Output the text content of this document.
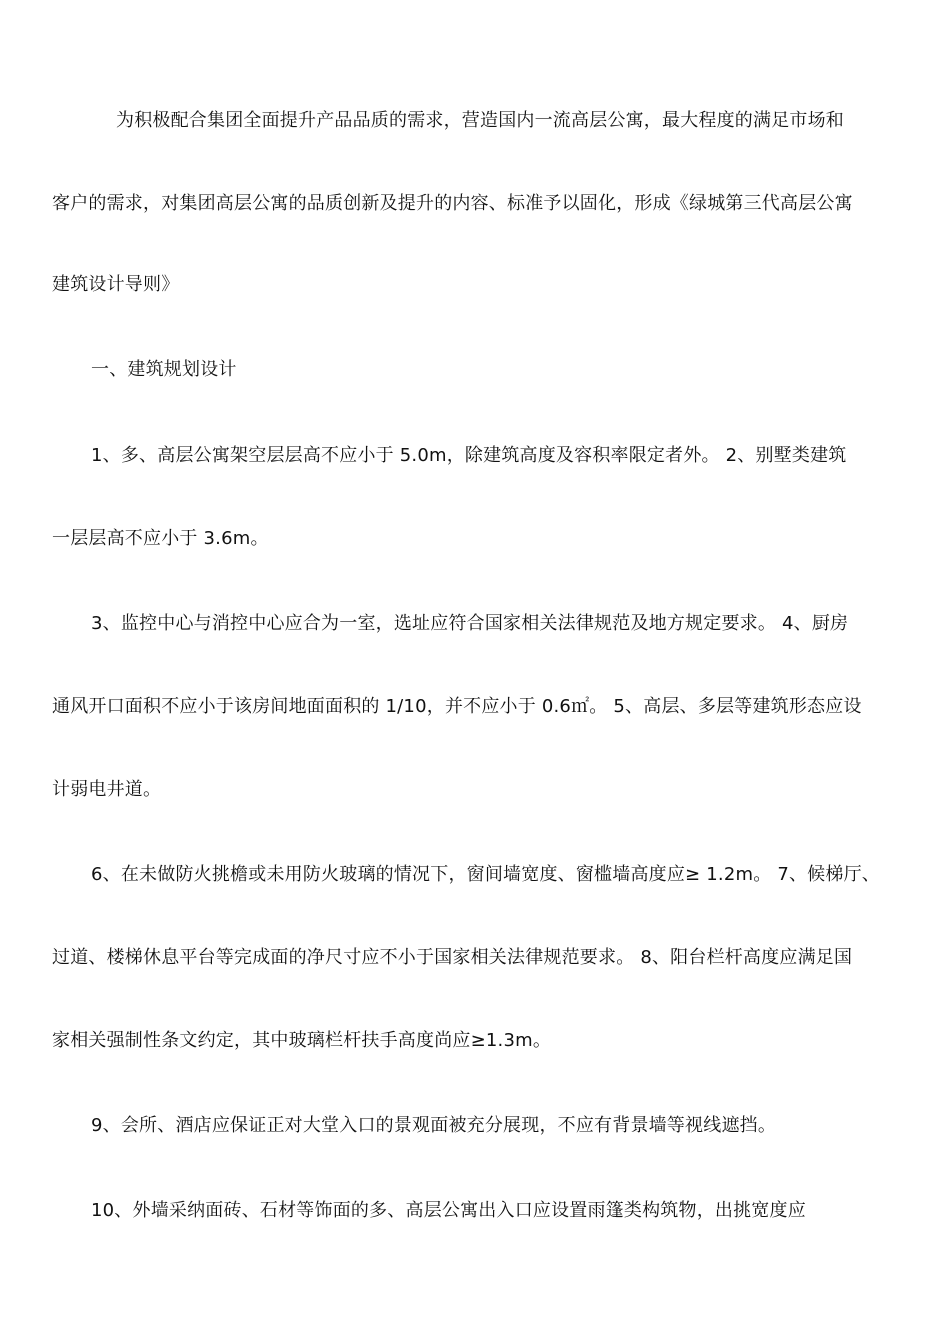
为积极配合集团全面提升产品品质的需求，营造国内一流高层公寓，最大程度的满足市场和
客户的需求，对集团高层公寓的品质创新及提升的内容、标准予以固化，形成《绿城第三代高层公寓
建筑设计导则》
一、建筑规划设计
1、多、高层公寓架空层层高不应小于 5.0m，除建筑高度及容积率限定者外。 2、别墅类建筑
一层层高不应小于 3.6m。
3、监控中心与消控中心应合为一室，选址应符合国家相关法律规范及地方规定要求。 4、厨房
通风开口面积不应小于该房间地面面积的 1/10，并不应小于 0.6㎡。 5、高层、多层等建筑形态应设
计弱电井道。
6、在未做防火挑檐或未用防火玻璃的情况下，窗间墙宽度、窗槛墙高度应≥ 1.2m。 7、候梯厅、
过道、楼梯休息平台等完成面的净尺寸应不小于国家相关法律规范要求。 8、阳台栏杆高度应满足国
家相关强制性条文约定，其中玻璃栏杆扶手高度尚应≥1.3m。
9、会所、酒店应保证正对大堂入口的景观面被充分展现，不应有背景墙等视线遮挡。
10、外墙采纳面砖、石材等饰面的多、高层公寓出入口应设置雨篷类构筑物，出挑宽度应
